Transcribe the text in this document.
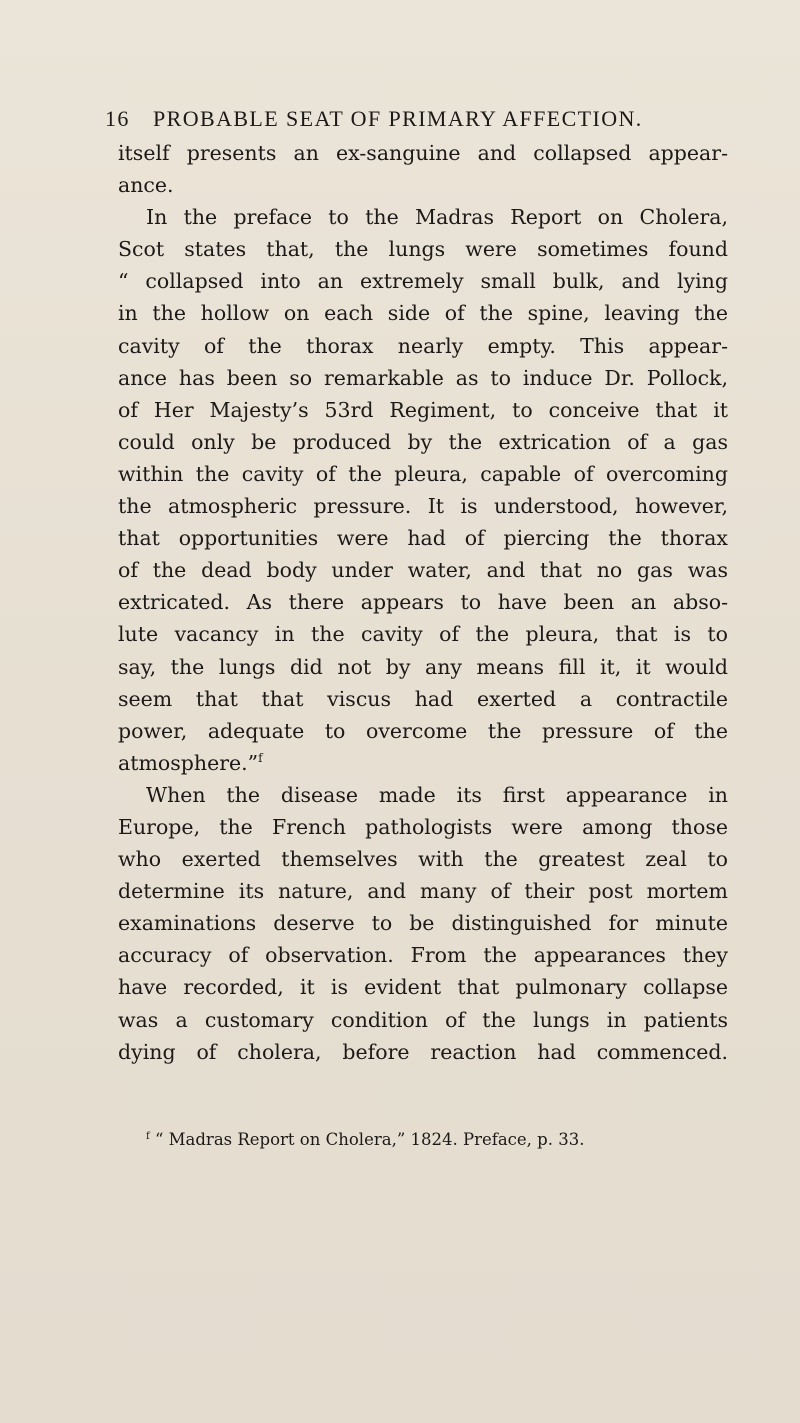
16 PROBABLE SEAT OF PRIMARY AFFECTION.
itself presents an ex-sanguine and collapsed appear-
ance.
In the preface to the Madras Report on Cholera,
Scot states that, the lungs were sometimes found
“ collapsed into an extremely small bulk, and lying
in the hollow on each side of the spine, leaving the
cavity of the thorax nearly empty. This appear-
ance has been so remarkable as to induce Dr. Pollock,
of Her Majesty’s 53rd Regiment, to conceive that it
could only be produced by the extrication of a gas
within the cavity of the pleura, capable of overcoming
the atmospheric pressure. It is understood, however,
that opportunities were had of piercing the thorax
of the dead body under water, and that no gas was
extricated. As there appears to have been an abso-
lute vacancy in the cavity of the pleura, that is to
say, the lungs did not by any means fill it, it would
seem that that viscus had exerted a contractile
power, adequate to overcome the pressure of the
atmosphere.”$^f$
When the disease made its first appearance in
Europe, the French pathologists were among those
who exerted themselves with the greatest zeal to
determine its nature, and many of their post mortem
examinations deserve to be distinguished for minute
accuracy of observation. From the appearances they
have recorded, it is evident that pulmonary collapse
was a customary condition of the lungs in patients
dying of cholera, before reaction had commenced.
$^f$ “ Madras Report on Cholera,” 1824. Preface, p. 33.
